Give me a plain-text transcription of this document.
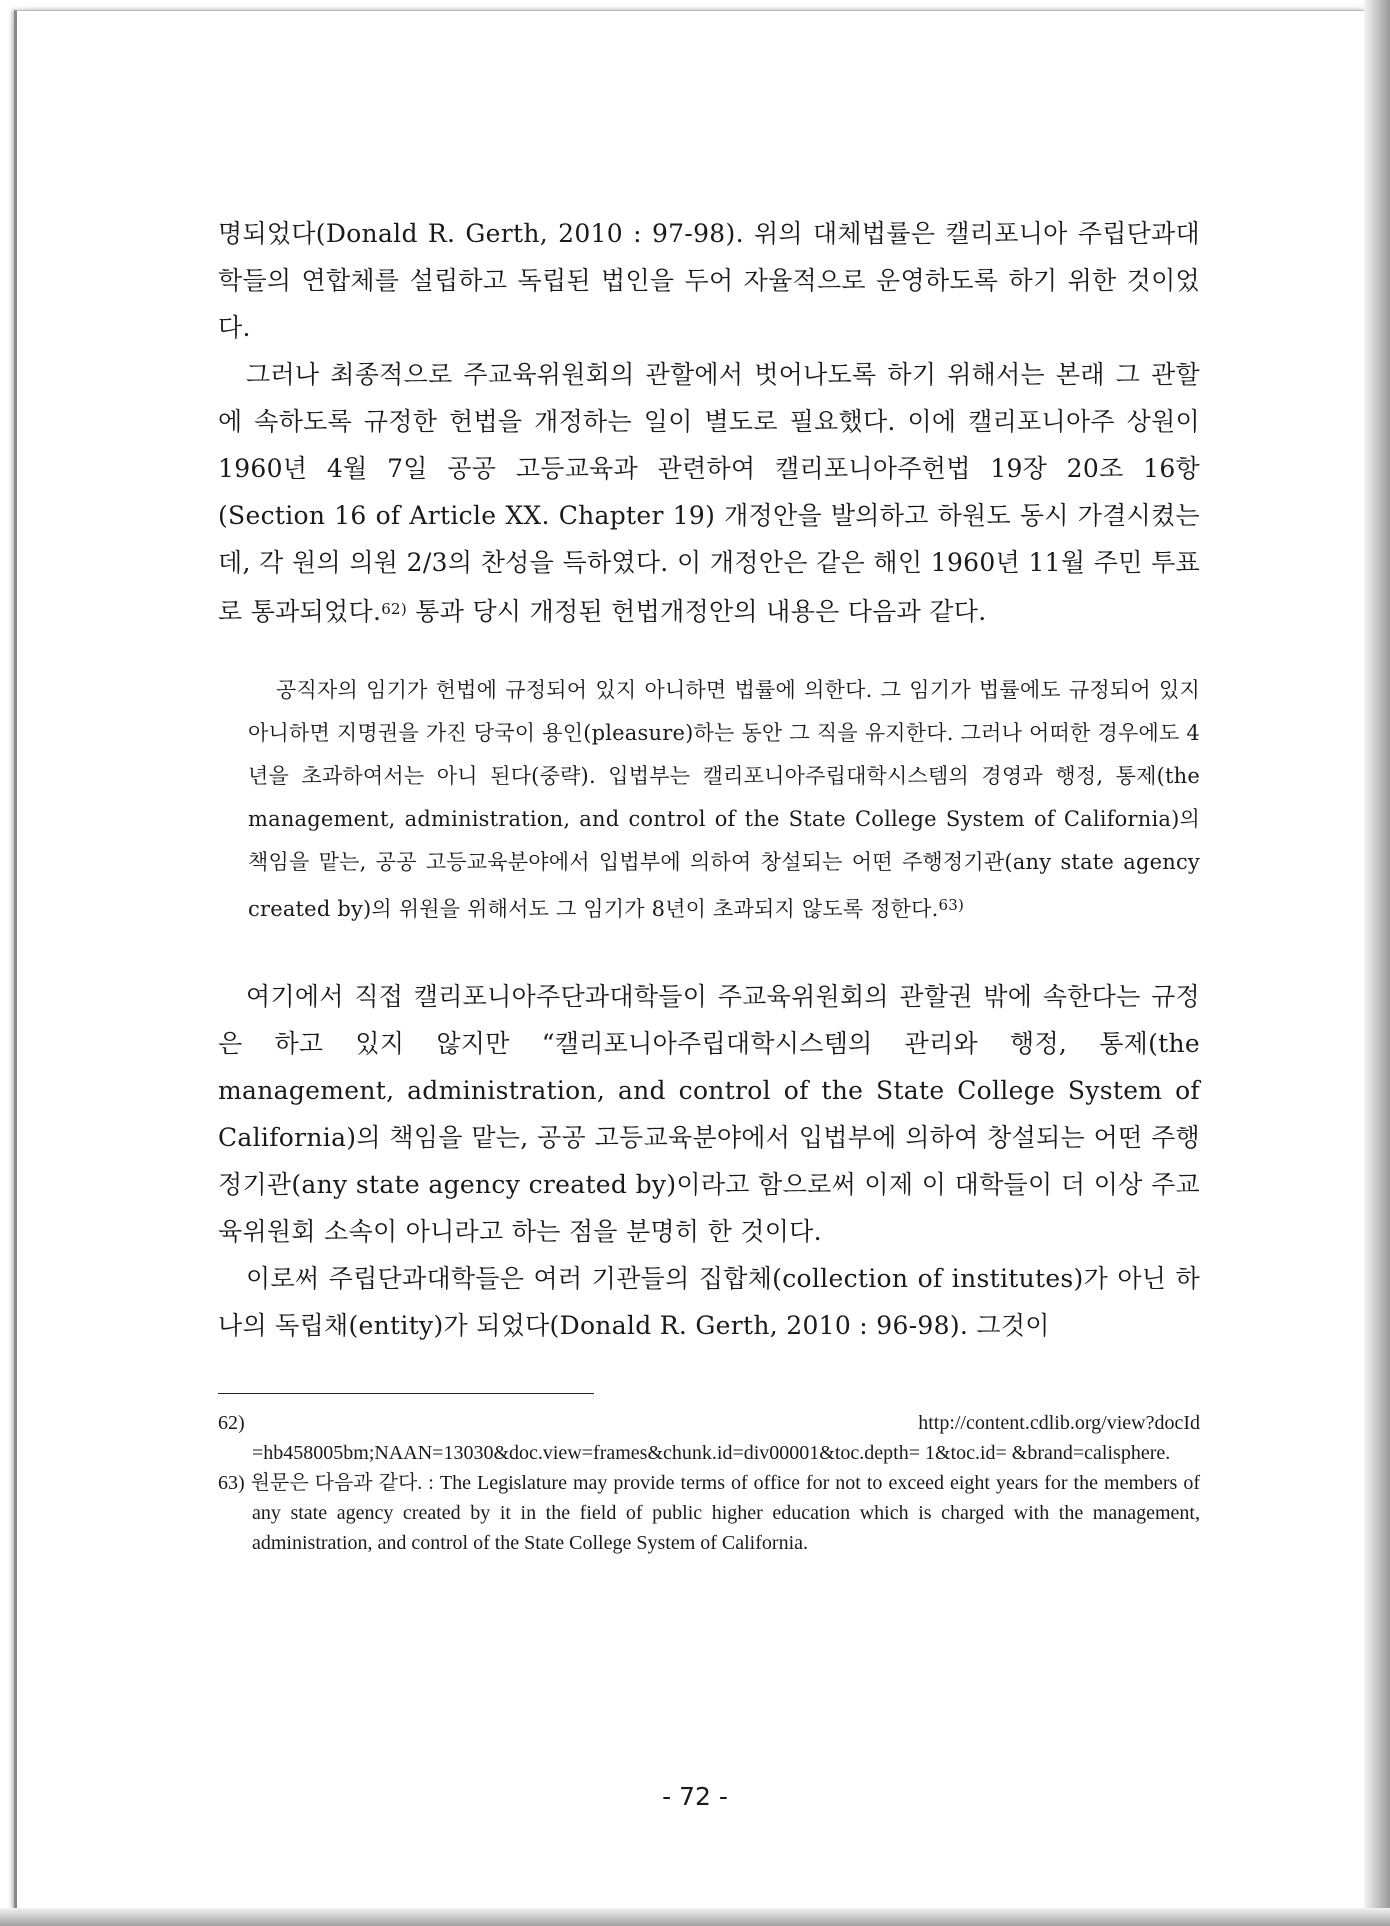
명되었다(Donald R. Gerth, 2010 : 97-98). 위의 대체법률은 캘리포니아 주립단과대학들의 연합체를 설립하고 독립된 법인을 두어 자율적으로 운영하도록 하기 위한 것이었다.

그러나 최종적으로 주교육위원회의 관할에서 벗어나도록 하기 위해서는 본래 그 관할에 속하도록 규정한 헌법을 개정하는 일이 별도로 필요했다. 이에 캘리포니아주 상원이 1960년 4월 7일 공공 고등교육과 관련하여 캘리포니아주헌법 19장 20조 16항(Section 16 of Article XX. Chapter 19) 개정안을 발의하고 하원도 동시 가결시켰는데, 각 원의 의원 2/3의 찬성을 득하였다. 이 개정안은 같은 해인 1960년 11월 주민 투표로 통과되었다.$^{62)}$ 통과 당시 개정된 헌법개정안의 내용은 다음과 같다.

공직자의 임기가 헌법에 규정되어 있지 아니하면 법률에 의한다. 그 임기가 법률에도 규정되어 있지 아니하면 지명권을 가진 당국이 용인(pleasure)하는 동안 그 직을 유지한다. 그러나 어떠한 경우에도 4년을 초과하여서는 아니 된다(중략). 입법부는 캘리포니아주립대학시스템의 경영과 행정, 통제(the management, administration, and control of the State College System of California)의 책임을 맡는, 공공 고등교육분야에서 입법부에 의하여 창설되는 어떤 주행정기관(any state agency created by)의 위원을 위해서도 그 임기가 8년이 초과되지 않도록 정한다.$^{63)}$

여기에서 직접 캘리포니아주단과대학들이 주교육위원회의 관할권 밖에 속한다는 규정은 하고 있지 않지만 “캘리포니아주립대학시스템의 관리와 행정, 통제(the management, administration, and control of the State College System of California)의 책임을 맡는, 공공 고등교육분야에서 입법부에 의하여 창설되는 어떤 주행정기관(any state agency created by)이라고 함으로써 이제 이 대학들이 더 이상 주교육위원회 소속이 아니라고 하는 점을 분명히 한 것이다.

이로써 주립단과대학들은 여러 기관들의 집합체(collection of institutes)가 아닌 하나의 독립채(entity)가 되었다(Donald R. Gerth, 2010 : 96-98). 그것이

62) http://content.cdlib.org/view?docId =hb458005bm;NAAN=13030&doc.view=frames&chunk.id=div00001&toc.depth= 1&toc.id= &brand=calisphere.

63) 원문은 다음과 같다. : The Legislature may provide terms of office for not to exceed eight years for the members of any state agency created by it in the field of public higher education which is charged with the management, administration, and control of the State College System of California.

- 72 -
